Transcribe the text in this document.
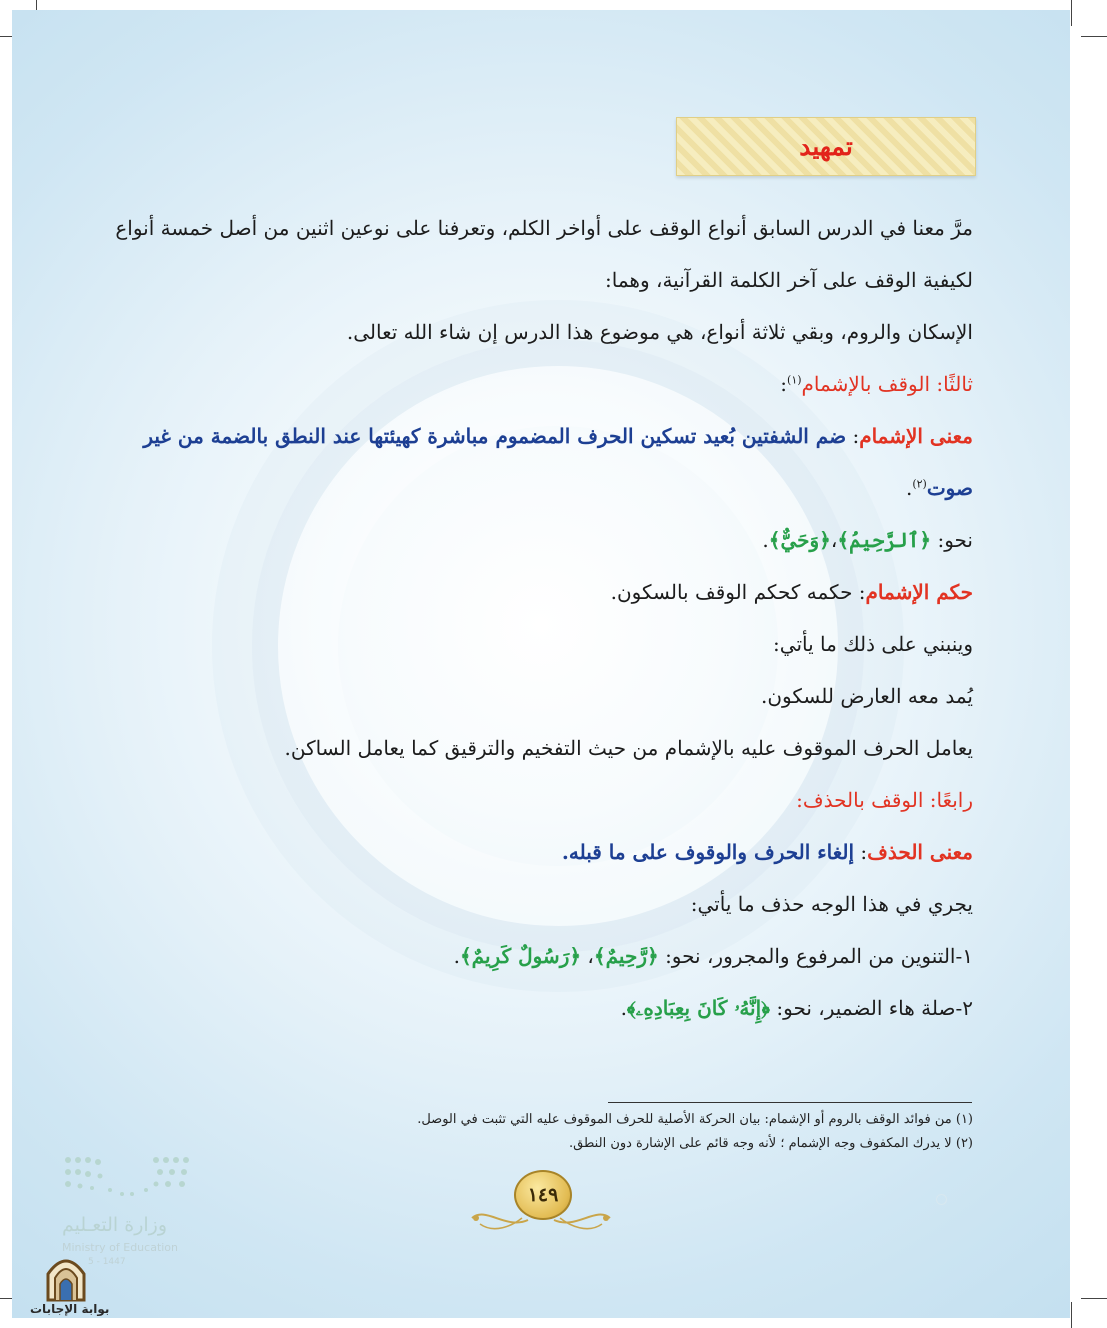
تمهيد
مرَّ معنا في الدرس السابق أنواع الوقف على أواخر الكلم، وتعرفنا على نوعين اثنين من أصل خمسة أنواع
لكيفية الوقف على آخر الكلمة القرآنية، وهما:
الإسكان والروم، وبقي ثلاثة أنواع، هي موضوع هذا الدرس إن شاء الله تعالى.
ثالثًا: الوقف بالإشمام$^{(١)}$:
معنى الإشمام: ضم الشفتين بُعيد تسكين الحرف المضموم مباشرة كهيئتها عند النطق بالضمة من غير
صوت$^{(٢)}$.
نحو: ﴿ٱلرَّحِيمُ﴾،﴿وَحَيٌّ﴾.
حكم الإشمام: حكمه كحكم الوقف بالسكون.
وينبني على ذلك ما يأتي:
يُمد معه العارض للسكون.
يعامل الحرف الموقوف عليه بالإشمام من حيث التفخيم والترقيق كما يعامل الساكن.
رابعًا: الوقف بالحذف:
معنى الحذف: إلغاء الحرف والوقوف على ما قبله.
يجري في هذا الوجه حذف ما يأتي:
١-التنوين من المرفوع والمجرور، نحو: ﴿رَّحِيمٌ﴾، ﴿رَسُولٌ كَرِيمٌ﴾.
٢-صلة هاء الضمير، نحو: ﴿إِنَّهُۥ كَانَ بِعِبَادِهِۦ﴾.
(١) من فوائد الوقف بالروم أو الإشمام: بيان الحركة الأصلية للحرف الموقوف عليه التي تثبت في الوصل.
(٢) لا يدرك المكفوف وجه الإشمام ؛ لأنه وجه قائم على الإشارة دون النطق.
١٤٩
وزارة التعـليم
Ministry of Education
5 - 1447
بوابة الإجابات
